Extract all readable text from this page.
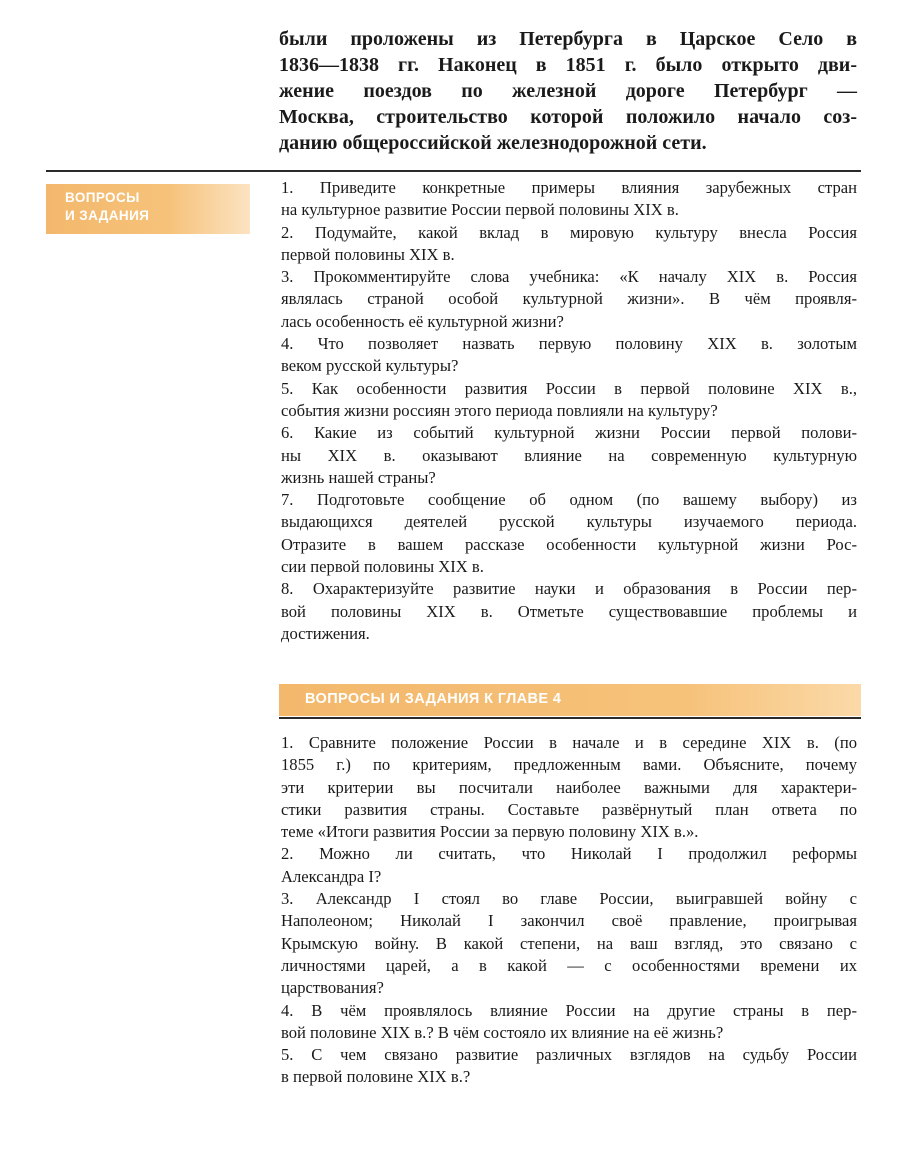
были проложены из Петербурга в Царское Село в
1836—1838 гг. Наконец в 1851 г. было открыто дви-
жение поездов по железной дороге Петербург —
Москва, строительство которой положило начало соз-
данию общероссийской железнодорожной сети.
ВОПРОСЫ
И ЗАДАНИЯ
1. Приведите конкретные примеры влияния зарубежных стран
на культурное развитие России первой половины XIX в.
2. Подумайте, какой вклад в мировую культуру внесла Россия
первой половины XIX в.
3. Прокомментируйте слова учебника: «К началу XIX в. Россия
являлась страной особой культурной жизни». В чём проявля-
лась особенность её культурной жизни?
4. Что позволяет назвать первую половину XIX в. золотым
веком русской культуры?
5. Как особенности развития России в первой половине XIX в.,
события жизни россиян этого периода повлияли на культуру?
6. Какие из событий культурной жизни России первой полови-
ны XIX в. оказывают влияние на современную культурную
жизнь нашей страны?
7. Подготовьте сообщение об одном (по вашему выбору) из
выдающихся деятелей русской культуры изучаемого периода.
Отразите в вашем рассказе особенности культурной жизни Рос-
сии первой половины XIX в.
8. Охарактеризуйте развитие науки и образования в России пер-
вой половины XIX в. Отметьте существовавшие проблемы и
достижения.
ВОПРОСЫ И ЗАДАНИЯ К ГЛАВЕ 4
1. Сравните положение России в начале и в середине XIX в. (по
1855 г.) по критериям, предложенным вами. Объясните, почему
эти критерии вы посчитали наиболее важными для характери-
стики развития страны. Составьте развёрнутый план ответа по
теме «Итоги развития России за первую половину XIX в.».
2. Можно ли считать, что Николай I продолжил реформы
Александра I?
3. Александр I стоял во главе России, выигравшей войну с
Наполеоном; Николай I закончил своё правление, проигрывая
Крымскую войну. В какой степени, на ваш взгляд, это связано с
личностями царей, а в какой — с особенностями времени их
царствования?
4. В чём проявлялось влияние России на другие страны в пер-
вой половине XIX в.? В чём состояло их влияние на её жизнь?
5. С чем связано развитие различных взглядов на судьбу России
в первой половине XIX в.?
